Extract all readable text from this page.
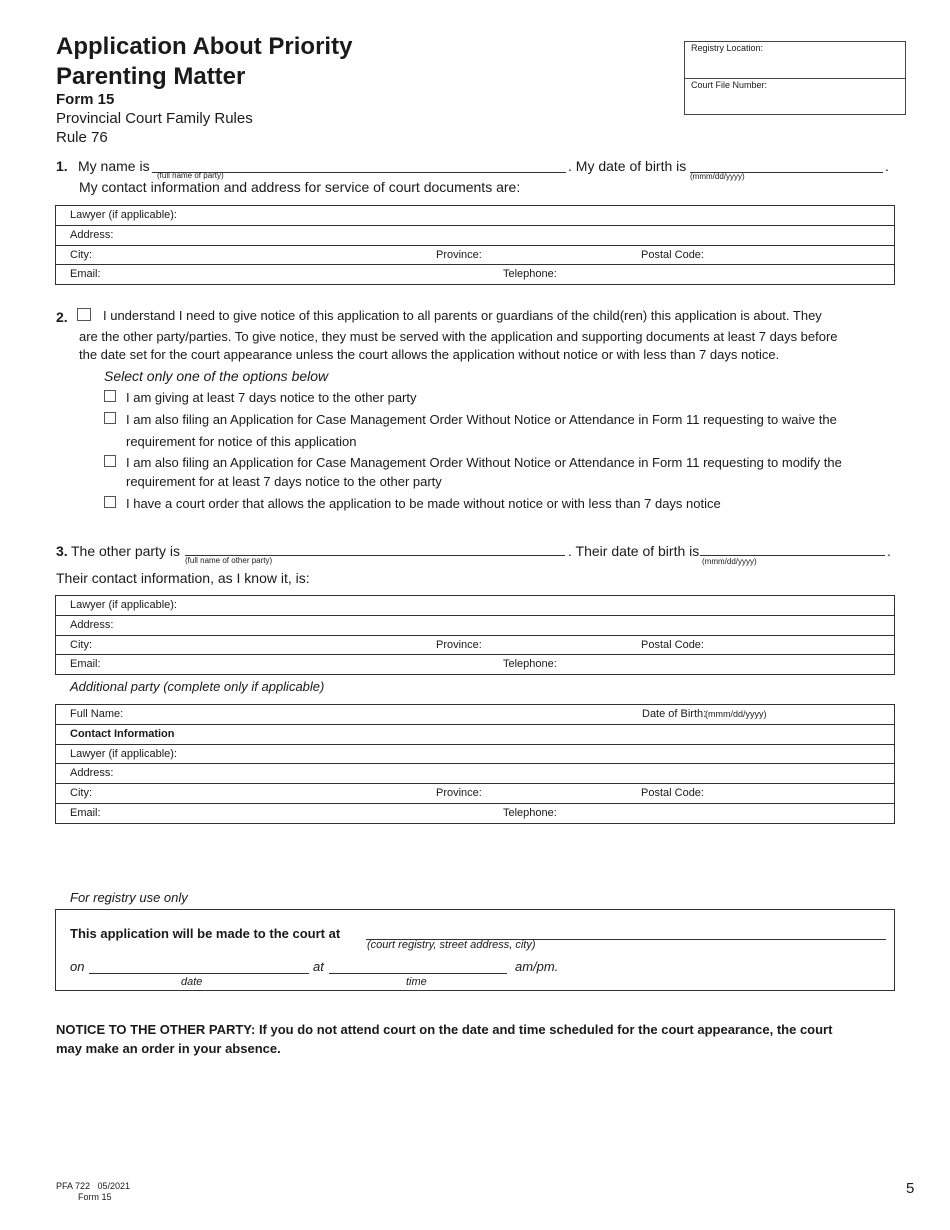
Application About Priority
Parenting Matter
Form 15
Provincial Court Family Rules
Rule 76
Registry Location:
Court File Number:
1. My name is
(full name of party)
. My date of birth is
(mmm/dd/yyyy)
.
My contact information and address for service of court documents are:
Lawyer (if applicable):
Address:
City:	Province:	Postal Code:
Email:	Telephone:
2.	I understand I need to give notice of this application to all parents or guardians of the child(ren) this application is about. They
are the other party/parties. To give notice, they must be served with the application and supporting documents at least 7 days before
the date set for the court appearance unless the court allows the application without notice or with less than 7 days notice.
Select only one of the options below
I am giving at least 7 days notice to the other party
I am also filing an Application for Case Management Order Without Notice or Attendance in Form 11 requesting to waive the
requirement for notice of this application
I am also filing an Application for Case Management Order Without Notice or Attendance in Form 11 requesting to modify the
requirement for at least 7 days notice to the other party
I have a court order that allows the application to be made without notice or with less than 7 days notice
3. The other party is
(full name of other party)
. Their date of birth is
(mmm/dd/yyyy)
.
Their contact information, as I know it, is:
Lawyer (if applicable):
Address:
City:	Province:	Postal Code:
Email:	Telephone:
Additional party (complete only if applicable)
Full Name:	Date of Birth:
(mmm/dd/yyyy)
Contact Information
Lawyer (if applicable):
Address:
City:	Province:	Postal Code:
Email:	Telephone:
For registry use only
This application will be made to the court at
(court registry, street address, city)
on
date
at
time
am/pm.
NOTICE TO THE OTHER PARTY: If you do not attend court on the date and time scheduled for the court appearance, the court
may make an order in your absence.
PFA 722   05/2021
Form 15	5
